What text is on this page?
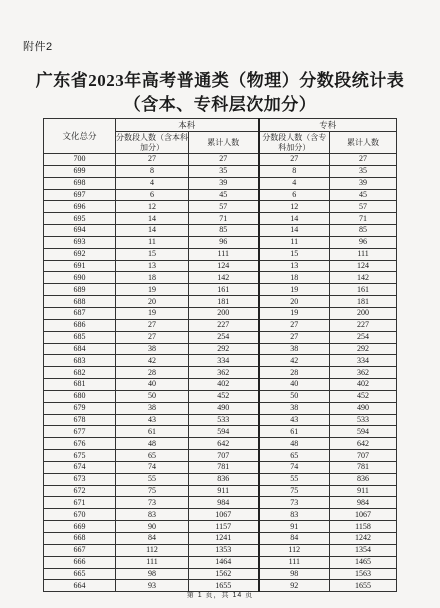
附件2
广东省2023年高考普通类（物理）分数段统计表
（含本、专科层次加分）
文化总分	本科		专科	
	分数段人数（含本科加分）	累计人数	分数段人数（含专科加分）	累计人数
700	27	27	27	27
699	8	35	8	35
698	4	39	4	39
697	6	45	6	45
696	12	57	12	57
695	14	71	14	71
694	14	85	14	85
693	11	96	11	96
692	15	111	15	111
691	13	124	13	124
690	18	142	18	142
689	19	161	19	161
688	20	181	20	181
687	19	200	19	200
686	27	227	27	227
685	27	254	27	254
684	38	292	38	292
683	42	334	42	334
682	28	362	28	362
681	40	402	40	402
680	50	452	50	452
679	38	490	38	490
678	43	533	43	533
677	61	594	61	594
676	48	642	48	642
675	65	707	65	707
674	74	781	74	781
673	55	836	55	836
672	75	911	75	911
671	73	984	73	984
670	83	1067	83	1067
669	90	1157	91	1158
668	84	1241	84	1242
667	112	1353	112	1354
666	111	1464	111	1465
665	98	1562	98	1563
664	93	1655	92	1655
第 1 页，共 14 页
